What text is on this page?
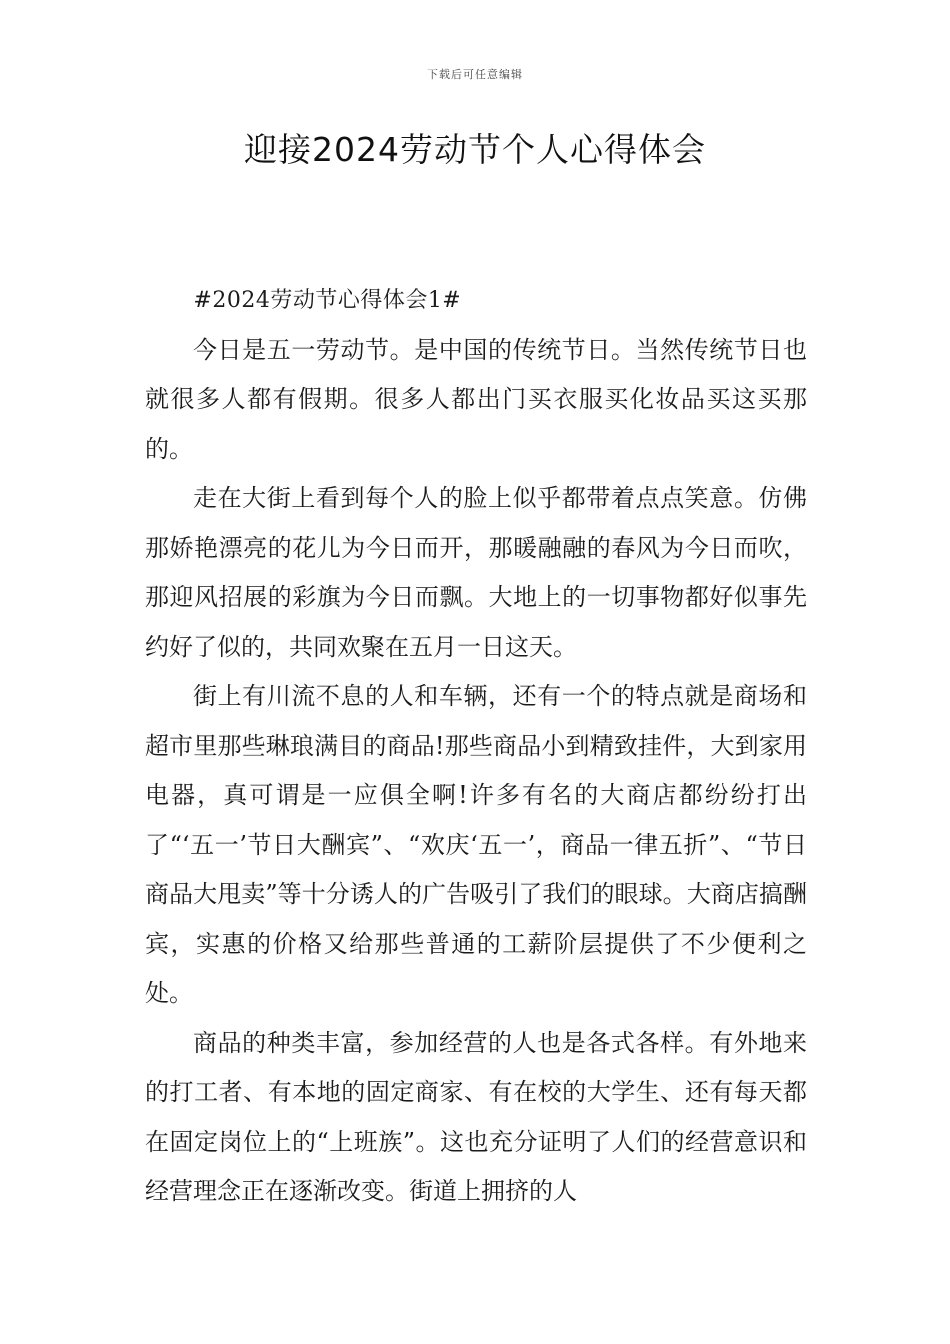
下载后可任意编辑
迎接2024劳动节个人心得体会

#2024劳动节心得体会1#

今日是五一劳动节。是中国的传统节日。当然传统节日也就很多人都有假期。很多人都出门买衣服买化妆品买这买那的。

走在大街上看到每个人的脸上似乎都带着点点笑意。仿佛那娇艳漂亮的花儿为今日而开，那暖融融的春风为今日而吹，那迎风招展的彩旗为今日而飘。大地上的一切事物都好似事先约好了似的，共同欢聚在五月一日这天。

街上有川流不息的人和车辆，还有一个的特点就是商场和超市里那些琳琅满目的商品!那些商品小到精致挂件，大到家用电器，真可谓是一应俱全啊!许多有名的大商店都纷纷打出了“‘五一’节日大酬宾”、“欢庆‘五一’，商品一律五折”、“节日商品大甩卖”等十分诱人的广告吸引了我们的眼球。大商店搞酬宾，实惠的价格又给那些普通的工薪阶层提供了不少便利之处。

商品的种类丰富，参加经营的人也是各式各样。有外地来的打工者、有本地的固定商家、有在校的大学生、还有每天都在固定岗位上的“上班族”。这也充分证明了人们的经营意识和经营理念正在逐渐改变。街道上拥挤的人
